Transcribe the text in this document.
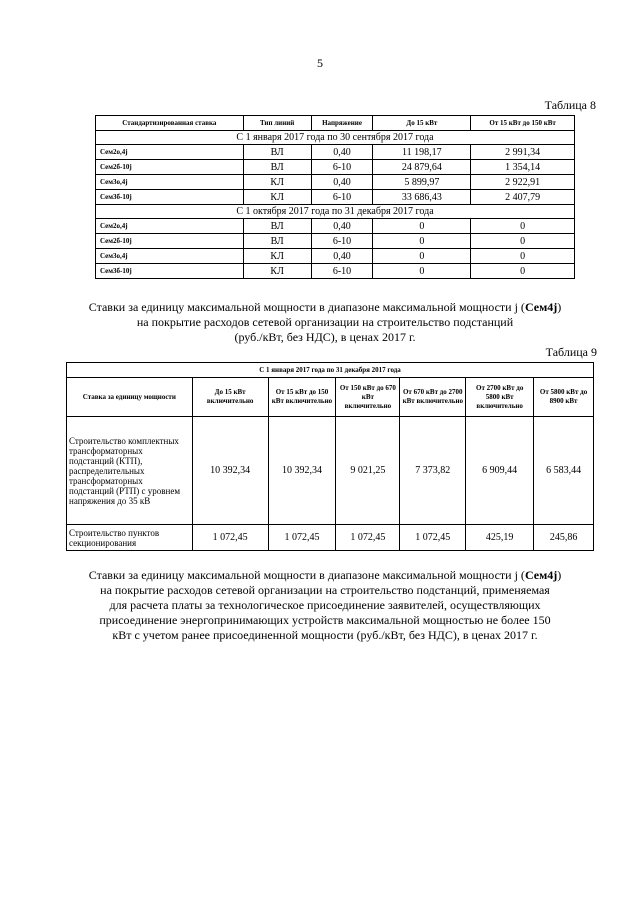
5
Таблица 8
Стандартизированная ставка	Тип линий	Напряжение	До 15 кВт	От 15 кВт до 150 кВт
С 1 января 2017 года по 30 сентября 2017 года				
Сем2о,4j	ВЛ	0,40	11 198,17	2 991,34
Сем2б-10j	ВЛ	6-10	24 879,64	1 354,14
Сем3о,4j	КЛ	0,40	5 899,97	2 922,91
Сем3б-10j	КЛ	6-10	33 686,43	2 407,79
С 1 октября 2017 года по 31 декабря 2017 года				
Сем2о,4j	ВЛ	0,40	0	0
Сем2б-10j	ВЛ	6-10	0	0
Сем3о,4j	КЛ	0,40	0	0
Сем3б-10j	КЛ	6-10	0	0
Ставки за единицу максимальной мощности в диапазоне максимальной мощности j (Сем4j)
на покрытие расходов сетевой организации на строительство подстанций
(руб./кВт, без НДС), в ценах 2017 г.
Таблица 9
С 1 января 2017 года по 31 декабря 2017 года						
Ставка за единицу мощности	До 15 кВт включительно	От 15 кВт до 150 кВт включительно	От 150 кВт до 670 кВт включительно	От 670 кВт до 2700 кВт включительно	От 2700 кВт до 5800 кВт включительно	От 5800 кВт до 8900 кВт
Строительство комплектных трансформаторных подстанций (КТП), распределительных трансформаторных подстанций (РТП) с уровнем напряжения до 35 кВ	10 392,34	10 392,34	9 021,25	7 373,82	6 909,44	6 583,44
Строительство пунктов секционирования	1 072,45	1 072,45	1 072,45	1 072,45	425,19	245,86
Ставки за единицу максимальной мощности в диапазоне максимальной мощности j (Сем4j)
на покрытие расходов сетевой организации на строительство подстанций, применяемая
для расчета платы за технологическое присоединение заявителей, осуществляющих
присоединение энергопринимающих устройств максимальной мощностью не более 150
кВт с учетом ранее присоединенной мощности (руб./кВт, без НДС), в ценах 2017 г.
